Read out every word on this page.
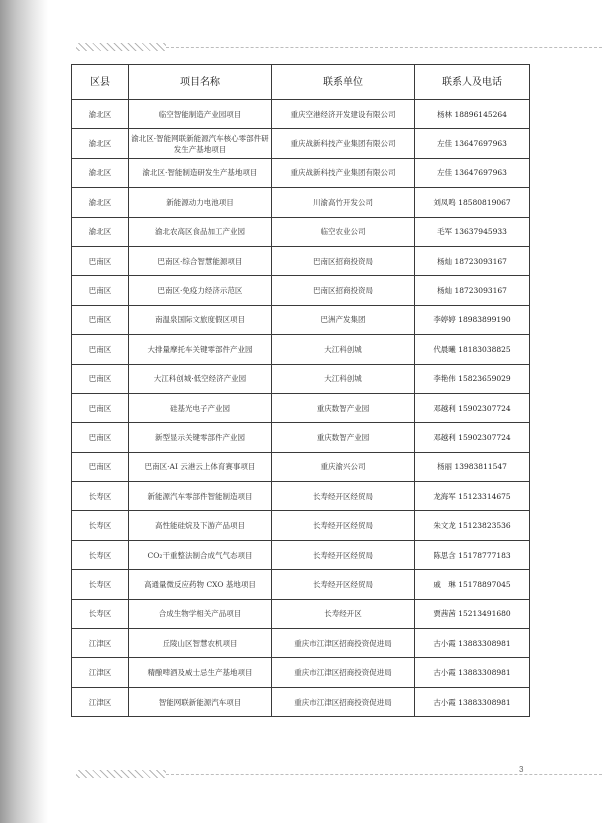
区县	项目名称	联系单位	联系人及电话
渝北区	临空智能制造产业园项目	重庆空港经济开发建设有限公司	杨林 18896145264
渝北区	渝北区·智能网联新能源汽车核心零部件研发生产基地项目	重庆战新科技产业集团有限公司	左佳 13647697963
渝北区	渝北区·智能制造研发生产基地项目	重庆战新科技产业集团有限公司	左佳 13647697963
渝北区	新能源动力电池项目	川渝高竹开发公司	刘凤鸣 18580819067
渝北区	渝北农高区食品加工产业园	临空农业公司	毛军 13637945933
巴南区	巴南区·综合智慧能源项目	巴南区招商投资局	杨灿 18723093167
巴南区	巴南区·免疫力经济示范区	巴南区招商投资局	杨灿 18723093167
巴南区	南温泉国际文旅度假区项目	巴洲产发集团	李婷婷 18983899190
巴南区	大排量摩托车关键零部件产业园	大江科创城	代晨曦 18183038825
巴南区	大江科创城·低空经济产业园	大江科创城	李艳伟 15823659029
巴南区	硅基光电子产业园	重庆数智产业园	邓越利 15902307724
巴南区	新型显示关键零部件产业园	重庆数智产业园	邓越利 15902307724
巴南区	巴南区·AI 云港云上体育赛事项目	重庆渝兴公司	杨丽 13983811547
长寿区	新能源汽车零部件智能制造项目	长寿经开区经贸局	龙海军 15123314675
长寿区	高性能硅烷及下游产品项目	长寿经开区经贸局	朱文龙 15123823536
长寿区	CO₂干重整法制合成气气态项目	长寿经开区经贸局	陈思含 15178777183
长寿区	高通量微反应药物 CXO 基地项目	长寿经开区经贸局	戚　琳 15178897045
长寿区	合成生物学相关产品项目	长寿经开区	贾茜茜 15213491680
江津区	丘陵山区智慧农机项目	重庆市江津区招商投资促进局	古小霞 13883308981
江津区	精酿啤酒及威士忌生产基地项目	重庆市江津区招商投资促进局	古小霞 13883308981
江津区	智能网联新能源汽车项目	重庆市江津区招商投资促进局	古小霞 13883308981
3
